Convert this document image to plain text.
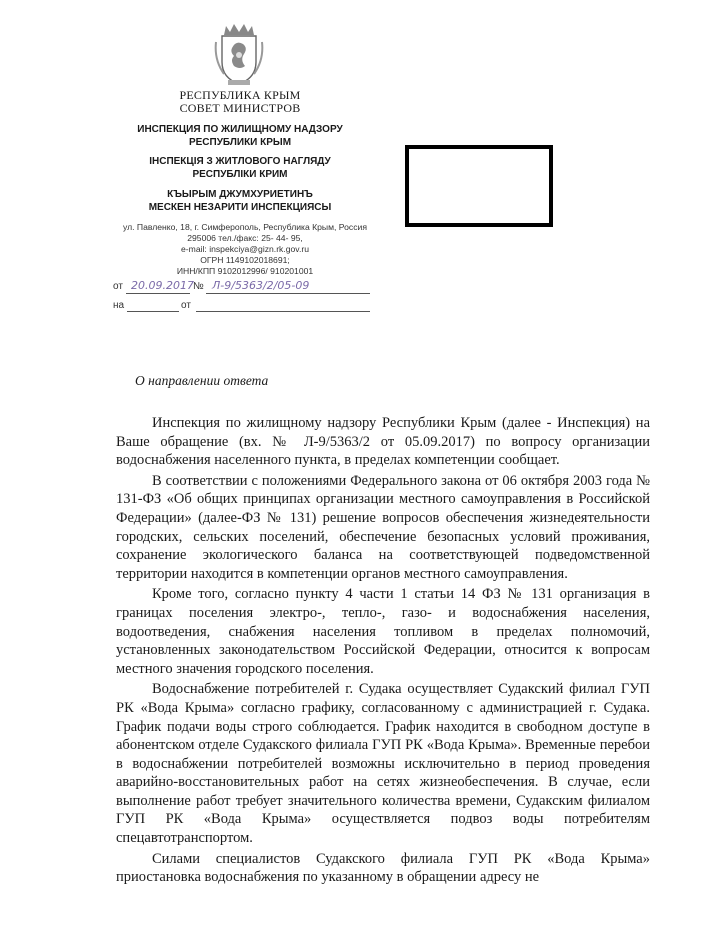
РЕСПУБЛИКА КРЫМ
СОВЕТ МИНИСТРОВ
ИНСПЕКЦИЯ ПО ЖИЛИЩНОМУ НАДЗОРУ
РЕСПУБЛИКИ КРЫМ
ІНСПЕКЦІЯ З ЖИТЛОВОГО НАГЛЯДУ
РЕСПУБЛІКИ КРИМ
КЪЫРЫМ ДЖУМХУРИЕТИНЪ
МЕСКЕН НЕЗАРИТИ ИНСПЕКЦИЯСЫ
ул. Павленко, 18, г. Симферополь, Республика Крым, Россия
295006 тел./факс: 25- 44- 95,
e-mail: inspekciya@gizn.rk.gov.ru
ОГРН 1149102018691;
ИНН/КПП 9102012996/ 910201001
от 20.09.2017 № Л-9/5363/2/05-09
на	от
О направлении ответа

Инспекция по жилищному надзору Республики Крым (далее - Инспекция) на Ваше обращение (вх. № Л-9/5363/2 от 05.09.2017) по вопросу организации водоснабжения населенного пункта, в пределах компетенции сообщает.

В соответствии с положениями Федерального закона от 06 октября 2003 года № 131-ФЗ «Об общих принципах организации местного самоуправления в Российской Федерации» (далее-ФЗ № 131) решение вопросов обеспечения жизнедеятельности городских, сельских поселений, обеспечение безопасных условий проживания, сохранение экологического баланса на соответствующей подведомственной территории находится в компетенции органов местного самоуправления.

Кроме того, согласно пункту 4 части 1 статьи 14 ФЗ № 131 организация в границах поселения электро-, тепло-, газо- и водоснабжения населения, водоотведения, снабжения населения топливом в пределах полномочий, установленных законодательством Российской Федерации, относится к вопросам местного значения городского поселения.

Водоснабжение потребителей г. Судака осуществляет Судакский филиал ГУП РК «Вода Крыма» согласно графику, согласованному с администрацией г. Судака. График подачи воды строго соблюдается. График находится в свободном доступе в абонентском отделе Судакского филиала ГУП РК «Вода Крыма». Временные перебои в водоснабжении потребителей возможны исключительно в период проведения аварийно-восстановительных работ на сетях жизнеобеспечения. В случае, если выполнение работ требует значительного количества времени, Судакским филиалом ГУП РК «Вода Крыма» осуществляется подвоз воды потребителям спецавтотранспортом.

Силами специалистов Судакского филиала ГУП РК «Вода Крыма» приостановка водоснабжения по указанному в обращении адресу не
